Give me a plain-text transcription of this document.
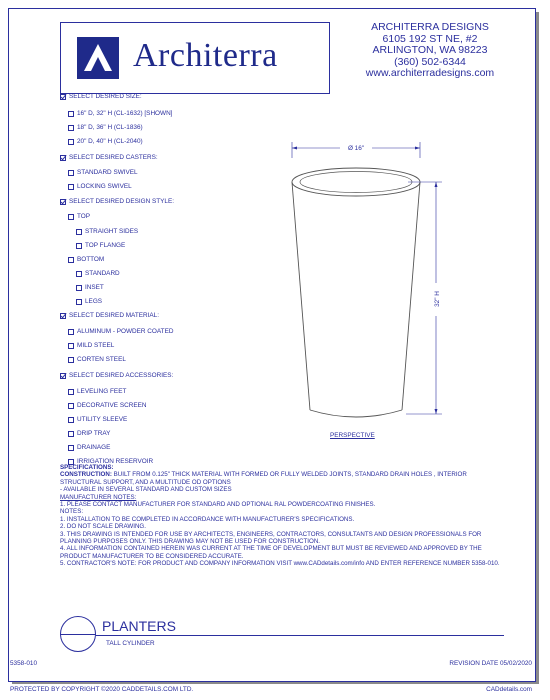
Architerra
ARCHITERRA DESIGNS
6105 192 ST NE, #2
ARLINGTON, WA 98223
(360) 502-6344
www.architerradesigns.com
SELECT DESIRED SIZE:
16" D, 32" H (CL-1632) [SHOWN]
18" D, 36" H (CL-1836)
20" D, 40" H (CL-2040)
SELECT DESIRED CASTERS:
STANDARD SWIVEL
LOCKING SWIVEL
SELECT DESIRED DESIGN STYLE:
TOP
STRAIGHT SIDES
TOP FLANGE
BOTTOM
STANDARD
INSET
LEGS
SELECT DESIRED MATERIAL:
ALUMINUM - POWDER COATED
MILD STEEL
CORTEN STEEL
SELECT DESIRED ACCESSORIES:
LEVELING FEET
DECORATIVE SCREEN
UTILITY SLEEVE
DRIP TRAY
DRAINAGE
IRRIGATION RESERVOIR
Ø 16"
32" H
PERSPECTIVE

SPECIFICATIONS:

CONSTRUCTION: BUILT FROM 0.125" THICK MATERIAL WITH FORMED OR FULLY WELDED JOINTS, STANDARD DRAIN HOLES , INTERIOR STRUCTURAL SUPPORT, AND A MULTITUDE OD OPTIONS

- AVAILABLE IN SEVERAL STANDARD AND CUSTOM SIZES

MANUFACTURER NOTES:

1. PLEASE CONTACT MANUFACTURER FOR STANDARD AND OPTIONAL RAL POWDERCOATING FINISHES.

NOTES:

1. INSTALLATION TO BE COMPLETED IN ACCORDANCE WITH MANUFACTURER'S SPECIFICATIONS.

2. DO NOT SCALE DRAWING.

3. THIS DRAWING IS INTENDED FOR USE BY ARCHITECTS, ENGINEERS, CONTRACTORS, CONSULTANTS AND DESIGN PROFESSIONALS FOR PLANNING PURPOSES ONLY. THIS DRAWING MAY NOT BE USED FOR CONSTRUCTION.

4. ALL INFORMATION CONTAINED HEREIN WAS CURRENT AT THE TIME OF DEVELOPMENT BUT MUST BE REVIEWED AND APPROVED BY THE PRODUCT MANUFACTURER TO BE CONSIDERED ACCURATE.

5. CONTRACTOR'S NOTE: FOR PRODUCT AND COMPANY INFORMATION VISIT www.CADdetails.com/info AND ENTER REFERENCE NUMBER 5358-010.

PLANTERS
TALL CYLINDER
5358-010	REVISION DATE 05/02/2020
PROTECTED BY COPYRIGHT ©2020 CADDETAILS.COM LTD.	CADdetails.com
